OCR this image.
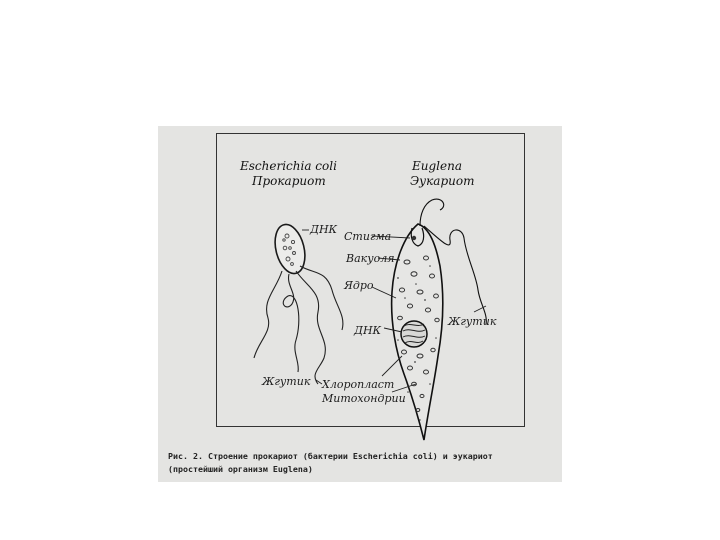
Escherichia coli
Прокариот
Euglena
Эукариот
ДНК
Стигма
Вакуоля
Ядро
ДНК
Жгутик
Жгутик Хлоропласт
Митохондрии
Рис. 2. Строение прокариот (бактерии Escherichia coli) и эукариот
(простейший организм Euglena)
